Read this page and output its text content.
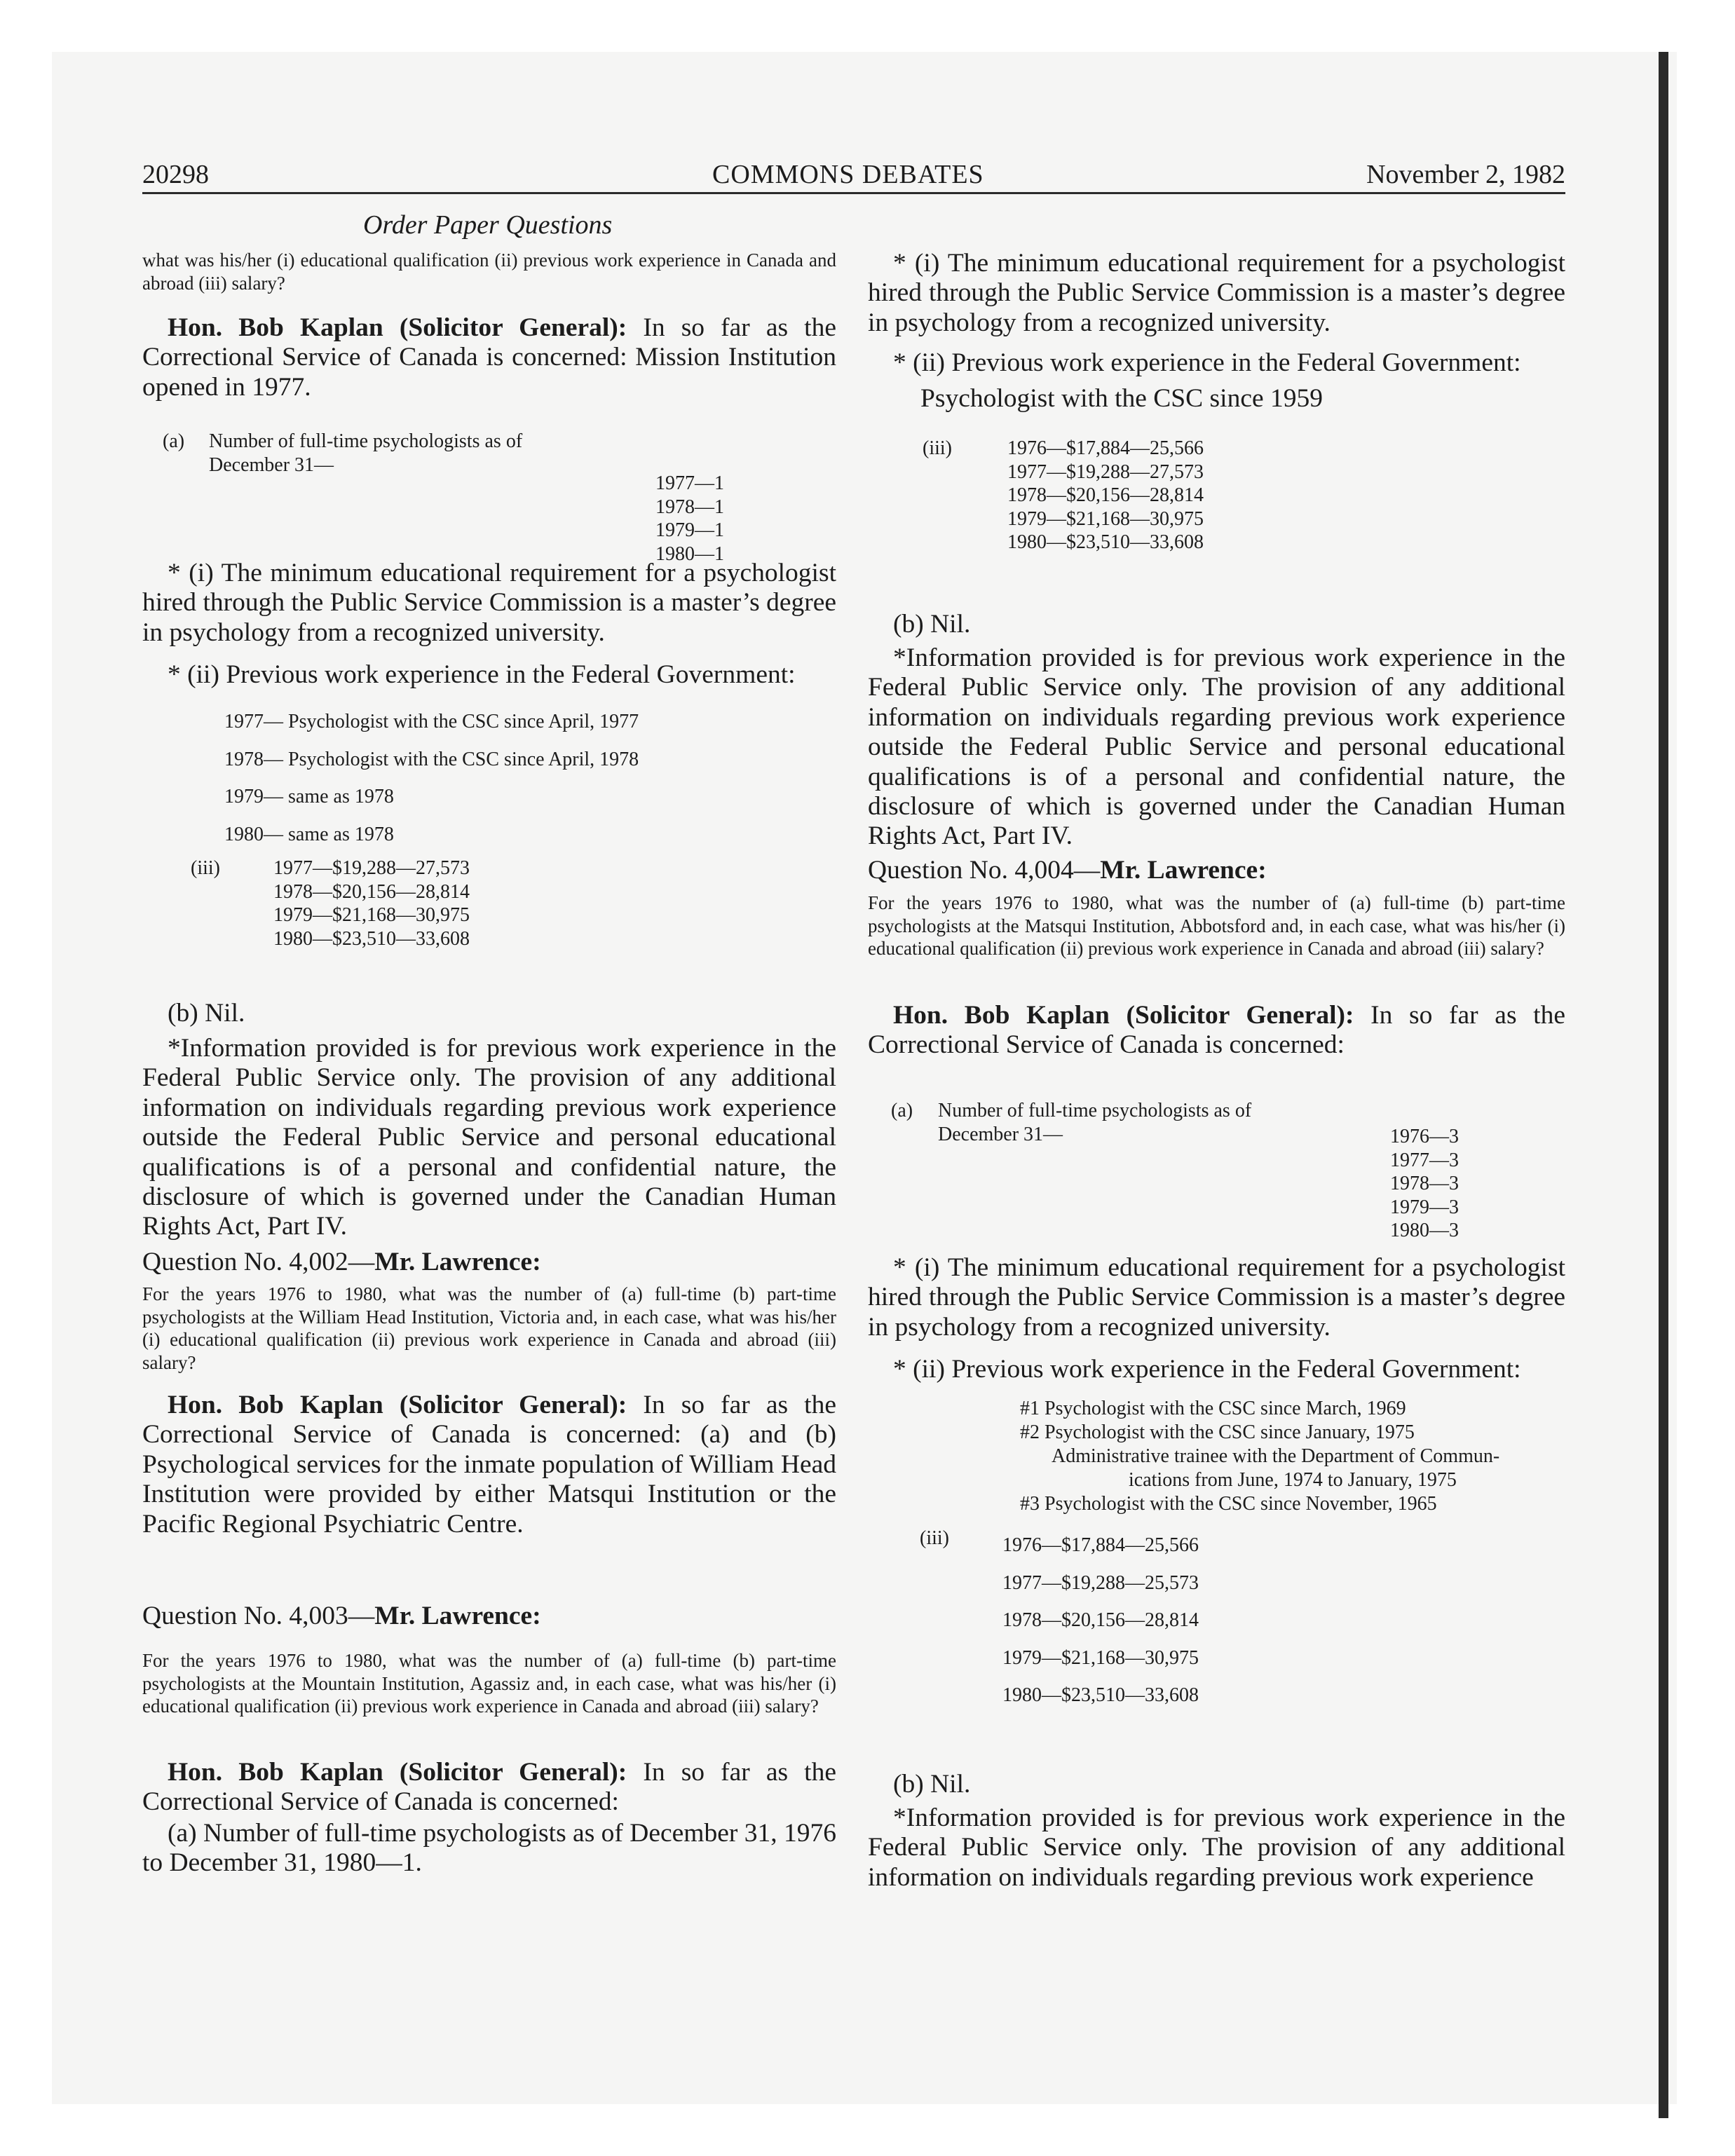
20298	COMMONS DEBATES	November 2, 1982
Order Paper Questions

what was his/her (i) educational qualification (ii) previous work experience in Canada and abroad (iii) salary?

Hon. Bob Kaplan (Solicitor General): In so far as the Correctional Service of Canada is concerned: Mission Institution opened in 1977.

(a) Number of full-time psychologists as of
December 31—
1977—1
1978—1
1979—1
1980—1

* (i) The minimum educational requirement for a psychologist hired through the Public Service Commission is a master’s degree in psychology from a recognized university.

* (ii) Previous work experience in the Federal Government:

1977— Psychologist with the CSC since April, 1977
1978— Psychologist with the CSC since April, 1978
1979— same as 1978
1980— same as 1978
(iii)	1977—$19,288—27,573
1978—$20,156—28,814
1979—$21,168—30,975
1980—$23,510—33,608

(b) Nil.

*Information provided is for previous work experience in the Federal Public Service only. The provision of any additional information on individuals regarding previous work experience outside the Federal Public Service and personal educational qualifications is of a personal and confidential nature, the disclosure of which is governed under the Canadian Human Rights Act, Part IV.

Question No. 4,002—Mr. Lawrence:

For the years 1976 to 1980, what was the number of (a) full-time (b) part-time psychologists at the William Head Institution, Victoria and, in each case, what was his/her (i) educational qualification (ii) previous work experience in Canada and abroad (iii) salary?

Hon. Bob Kaplan (Solicitor General): In so far as the Correctional Service of Canada is concerned: (a) and (b) Psychological services for the inmate population of William Head Institution were provided by either Matsqui Institution or the Pacific Regional Psychiatric Centre.

Question No. 4,003—Mr. Lawrence:

For the years 1976 to 1980, what was the number of (a) full-time (b) part-time psychologists at the Mountain Institution, Agassiz and, in each case, what was his/her (i) educational qualification (ii) previous work experience in Canada and abroad (iii) salary?

Hon. Bob Kaplan (Solicitor General): In so far as the Correctional Service of Canada is concerned:

(a) Number of full-time psychologists as of December 31, 1976 to December 31, 1980—1.

* (i) The minimum educational requirement for a psychologist hired through the Public Service Commission is a master’s degree in psychology from a recognized university.

* (ii) Previous work experience in the Federal Government:

Psychologist with the CSC since 1959
(iii)	1976—$17,884—25,566
1977—$19,288—27,573
1978—$20,156—28,814
1979—$21,168—30,975
1980—$23,510—33,608

(b) Nil.

*Information provided is for previous work experience in the Federal Public Service only. The provision of any additional information on individuals regarding previous work experience outside the Federal Public Service and personal educational qualifications is of a personal and confidential nature, the disclosure of which is governed under the Canadian Human Rights Act, Part IV.

Question No. 4,004—Mr. Lawrence:

For the years 1976 to 1980, what was the number of (a) full-time (b) part-time psychologists at the Matsqui Institution, Abbotsford and, in each case, what was his/her (i) educational qualification (ii) previous work experience in Canada and abroad (iii) salary?

Hon. Bob Kaplan (Solicitor General): In so far as the Correctional Service of Canada is concerned:

(a) Number of full-time psychologists as of
December 31—	1976—3
1977—3
1978—3
1979—3
1980—3

* (i) The minimum educational requirement for a psychologist hired through the Public Service Commission is a master’s degree in psychology from a recognized university.

* (ii) Previous work experience in the Federal Government:

#1 Psychologist with the CSC since March, 1969
#2 Psychologist with the CSC since January, 1975
Administrative trainee with the Department of Commun-
ications from June, 1974 to January, 1975
#3 Psychologist with the CSC since November, 1965
(iii)	1976—$17,884—25,566
1977—$19,288—25,573
1978—$20,156—28,814
1979—$21,168—30,975
1980—$23,510—33,608

(b) Nil.

*Information provided is for previous work experience in the Federal Public Service only. The provision of any additional information on individuals regarding previous work experience
